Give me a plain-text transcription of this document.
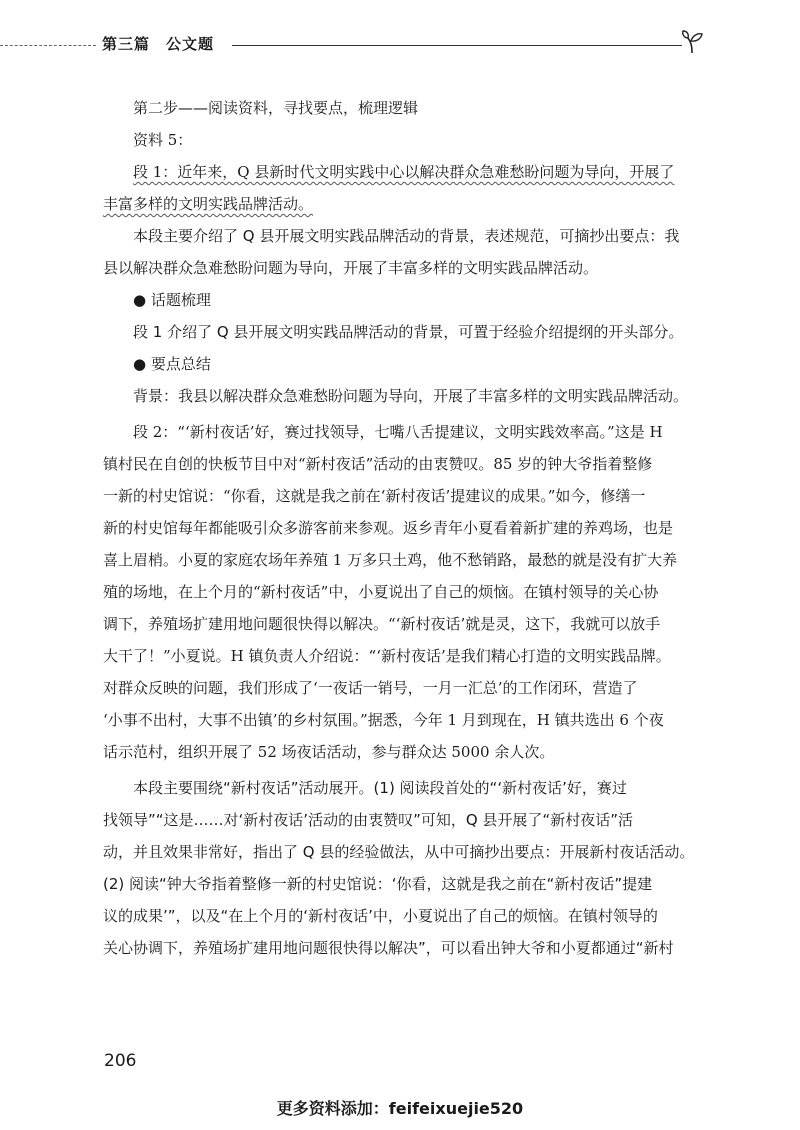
第三篇　公文题
第二步——阅读资料，寻找要点，梳理逻辑
资料 5：
段 1：近年来，Q 县新时代文明实践中心以解决群众急难愁盼问题为导向，开展了
丰富多样的文明实践品牌活动。
本段主要介绍了 Q 县开展文明实践品牌活动的背景，表述规范，可摘抄出要点：我
县以解决群众急难愁盼问题为导向，开展了丰富多样的文明实践品牌活动。
● 话题梳理
段 1 介绍了 Q 县开展文明实践品牌活动的背景，可置于经验介绍提纲的开头部分。
● 要点总结
背景：我县以解决群众急难愁盼问题为导向，开展了丰富多样的文明实践品牌活动。
段 2：“‘新村夜话’好，赛过找领导，七嘴八舌提建议，文明实践效率高。”这是 H
镇村民在自创的快板节目中对“新村夜话”活动的由衷赞叹。85 岁的钟大爷指着整修
一新的村史馆说：“你看，这就是我之前在‘新村夜话’提建议的成果。”如今，修缮一
新的村史馆每年都能吸引众多游客前来参观。返乡青年小夏看着新扩建的养鸡场，也是
喜上眉梢。小夏的家庭农场年养殖 1 万多只土鸡，他不愁销路，最愁的就是没有扩大养
殖的场地，在上个月的“新村夜话”中，小夏说出了自己的烦恼。在镇村领导的关心协
调下，养殖场扩建用地问题很快得以解决。“‘新村夜话’就是灵，这下，我就可以放手
大干了！”小夏说。H 镇负责人介绍说：“‘新村夜话’是我们精心打造的文明实践品牌。
对群众反映的问题，我们形成了‘一夜话一销号，一月一汇总’的工作闭环，营造了
‘小事不出村，大事不出镇’的乡村氛围。”据悉，今年 1 月到现在，H 镇共选出 6 个夜
话示范村，组织开展了 52 场夜话活动，参与群众达 5000 余人次。
本段主要围绕“新村夜话”活动展开。(1) 阅读段首处的“‘新村夜话’好，赛过
找领导”“这是……对‘新村夜话’活动的由衷赞叹”可知，Q 县开展了“新村夜话”活
动，并且效果非常好，指出了 Q 县的经验做法，从中可摘抄出要点：开展新村夜话活动。
(2) 阅读“钟大爷指着整修一新的村史馆说：‘你看，这就是我之前在“新村夜话”提建
议的成果’”，以及“在上个月的‘新村夜话’中，小夏说出了自己的烦恼。在镇村领导的
关心协调下，养殖场扩建用地问题很快得以解决”，可以看出钟大爷和小夏都通过“新村
206
更多资料添加：feifeixuejie520
